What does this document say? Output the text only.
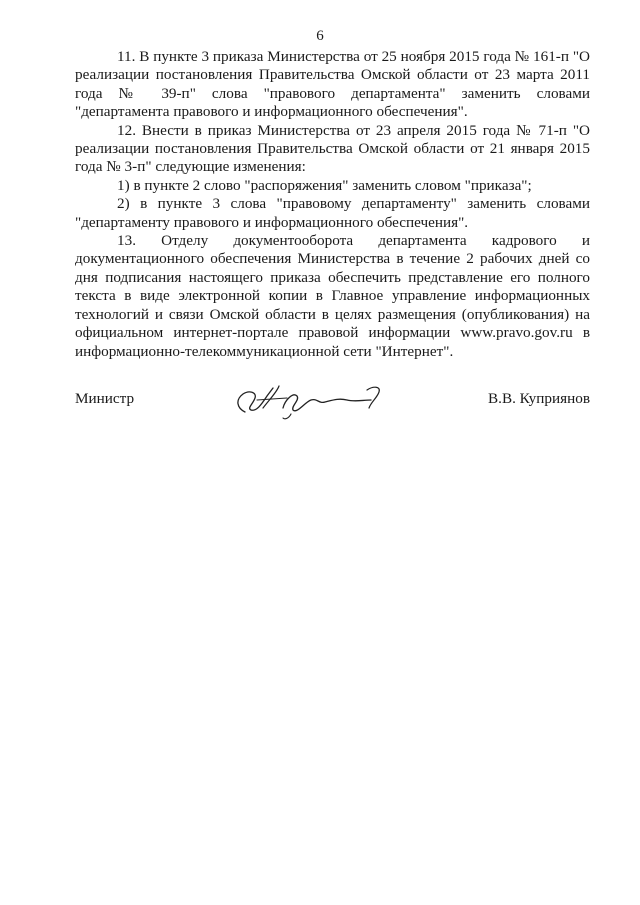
6

11. В пункте 3 приказа Министерства от 25 ноября 2015 года № 161-п "О реализации постановления Правительства Омской области от 23 марта 2011 года № 39-п" слова "правового департамента" заменить словами "департамента правового и информационного обеспечения".

12. Внести в приказ Министерства от 23 апреля 2015 года № 71-п "О реализации постановления Правительства Омской области от 21 января 2015 года № 3-п" следующие изменения:

1) в пункте 2 слово "распоряжения" заменить словом "приказа";

2) в пункте 3 слова "правовому департаменту" заменить словами "департаменту правового и информационного обеспечения".

13. Отделу документооборота департамента кадрового и документационного обеспечения Министерства в течение 2 рабочих дней со дня подписания настоящего приказа обеспечить представление его полного текста в виде электронной копии в Главное управление информационных технологий и связи Омской области в целях размещения (опубликования) на официальном интернет-портале правовой информации www.pravo.gov.ru в информационно-телекоммуникационной сети "Интернет".

Министр	В.В. Куприянов
